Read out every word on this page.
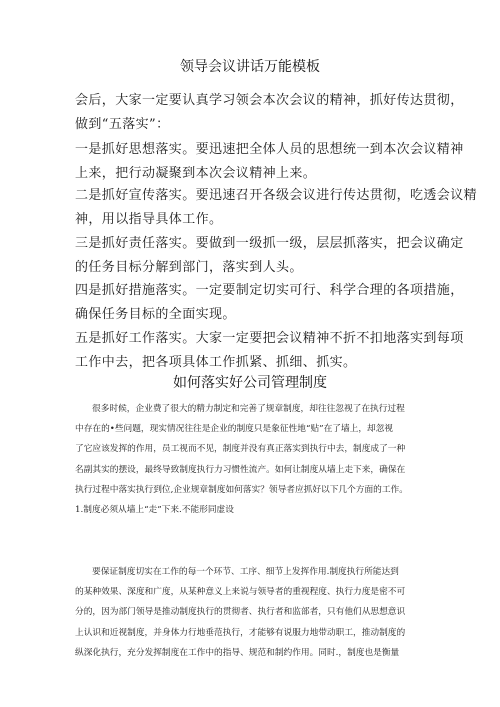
领导会议讲话万能模板
会后，大家一定要认真学习领会本次会议的精神，抓好传达贯彻，
做到“五落实”：
一是抓好思想落实。要迅速把全体人员的思想统一到本次会议精神
上来，把行动凝聚到本次会议精神上来。
二是抓好宣传落实。要迅速召开各级会议进行传达贯彻，吃透会议精
神，用以指导具体工作。
三是抓好责任落实。要做到一级抓一级，层层抓落实，把会议确定
的任务目标分解到部门，落实到人头。
四是抓好措施落实。一定要制定切实可行、科学合理的各项措施，
确保任务目标的全面实现。
如何落实好公司管理制度
很多时候，企业费了很大的精力制定和完善了规章制度，却往往忽视了在执行过程
中存在的•些问题，现实情况往往是企业的制度只是象征性地“贴”在了墙上，却忽视
了它应该发挥的作用，员工视而不见，制度并没有真正落实到执行中去，制度成了一种
名副其实的摆设，最终导致制度执行力习惯性流产。如何让制度从墙上走下来，确保在
执行过程中落实执行到位,企业规章制度如何落实？领导者应抓好以下几个方面的工作。
1.制度必须从墙上“走”下来.不能形同虚设
要保证制度切实在工作的每一个环节、工序、细节上发挥作用.制度执行所能达到
的某种效果、深度和广度，从某种意义上来说与领导者的重视程度、执行力度是密不可
分的，因为部门领导是推动制度执行的贯彻者、执行者和监部者，只有他们从思想意识
上认识和近视制度，并身体力行地垂范执行，才能够有说服力地带动职工，推动制度的
纵深化执行，充分发挥制度在工作中的指导、规范和制约作用。同时.，制度也是衡量
五是抓好工作落实。大家一定要把会议精神不折不扣地落实到每项
工作中去，把各项具体工作抓紧、抓细、抓实。
